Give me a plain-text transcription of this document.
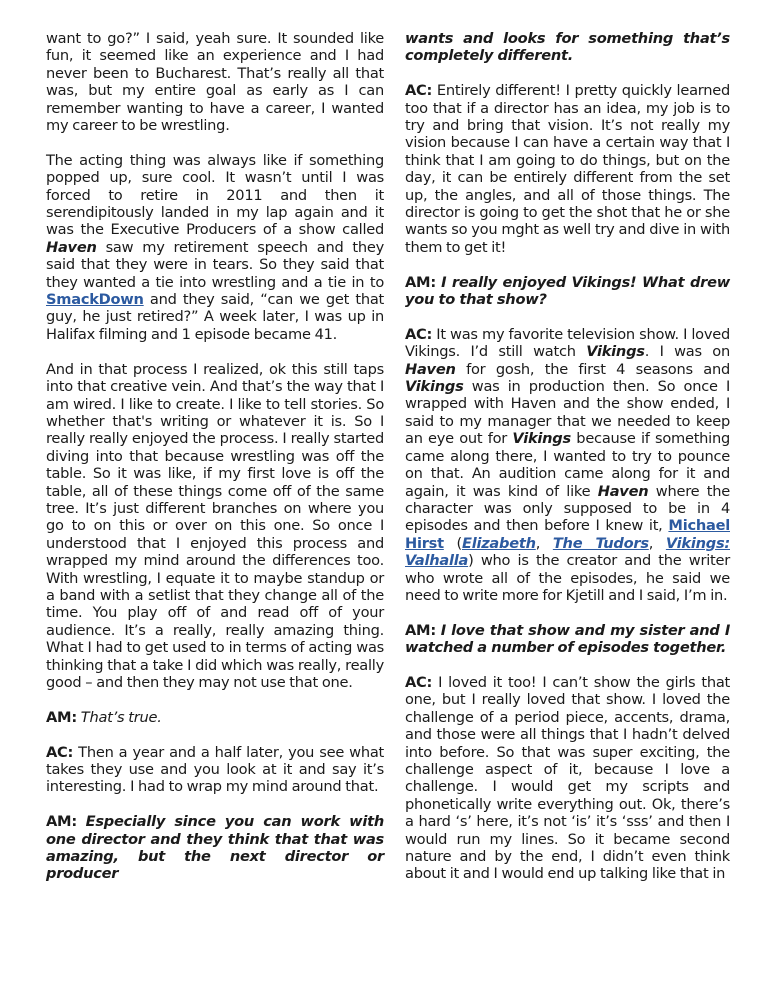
want to go?” I said, yeah sure. It sounded like fun, it seemed like an experience and I had never been to Bucharest. That’s really all that was, but my entire goal as early as I can remember wanting to have a career, I wanted my career to be wrestling.

The acting thing was always like if something popped up, sure cool. It wasn’t until I was forced to retire in 2011 and then it serendipitously landed in my lap again and it was the Executive Producers of a show called Haven saw my retirement speech and they said that they were in tears. So they said that they wanted a tie into wrestling and a tie in to SmackDown and they said, “can we get that guy, he just retired?” A week later, I was up in Halifax filming and 1 episode became 41.

And in that process I realized, ok this still taps into that creative vein. And that’s the way that I am wired. I like to create. I like to tell stories. So whether that's writing or whatever it is. So I really really enjoyed the process. I really started diving into that because wrestling was off the table. So it was like, if my first love is off the table, all of these things come off of the same tree. It’s just different branches on where you go to on this or over on this one. So once I understood that I enjoyed this process and wrapped my mind around the differences too. With wrestling, I equate it to maybe standup or a band with a setlist that they change all of the time. You play off of and read off of your audience. It’s a really, really amazing thing. What I had to get used to in terms of acting was thinking that a take I did which was really, really good – and then they may not use that one.

AM: That’s true.

AC: Then a year and a half later, you see what takes they use and you look at it and say it’s interesting. I had to wrap my mind around that.

AM: Especially since you can work with one director and they think that that was amazing, but the next director or producer

wants and looks for something that’s completely different.

AC: Entirely different! I pretty quickly learned too that if a director has an idea, my job is to try and bring that vision. It’s not really my vision because I can have a certain way that I think that I am going to do things, but on the day, it can be entirely different from the set up, the angles, and all of those things. The director is going to get the shot that he or she wants so you mght as well try and dive in with them to get it!

AM: I really enjoyed Vikings! What drew you to that show?

AC: It was my favorite television show. I loved Vikings. I’d still watch Vikings. I was on Haven for gosh, the first 4 seasons and Vikings was in production then. So once I wrapped with Haven and the show ended, I said to my manager that we needed to keep an eye out for Vikings because if something came along there, I wanted to try to pounce on that. An audition came along for it and again, it was kind of like Haven where the character was only supposed to be in 4 episodes and then before I knew it, Michael Hirst (Elizabeth, The Tudors, Vikings: Valhalla) who is the creator and the writer who wrote all of the episodes, he said we need to write more for Kjetill and I said, I’m in.

AM: I love that show and my sister and I watched a number of episodes together.

AC: I loved it too! I can’t show the girls that one, but I really loved that show. I loved the challenge of a period piece, accents, drama, and those were all things that I hadn’t delved into before. So that was super exciting, the challenge aspect of it, because I love a challenge. I would get my scripts and phonetically write everything out. Ok, there’s a hard ‘s’ here, it’s not ‘is’ it’s ‘sss’ and then I would run my lines. So it became second nature and by the end, I didn’t even think about it and I would end up talking like that in
